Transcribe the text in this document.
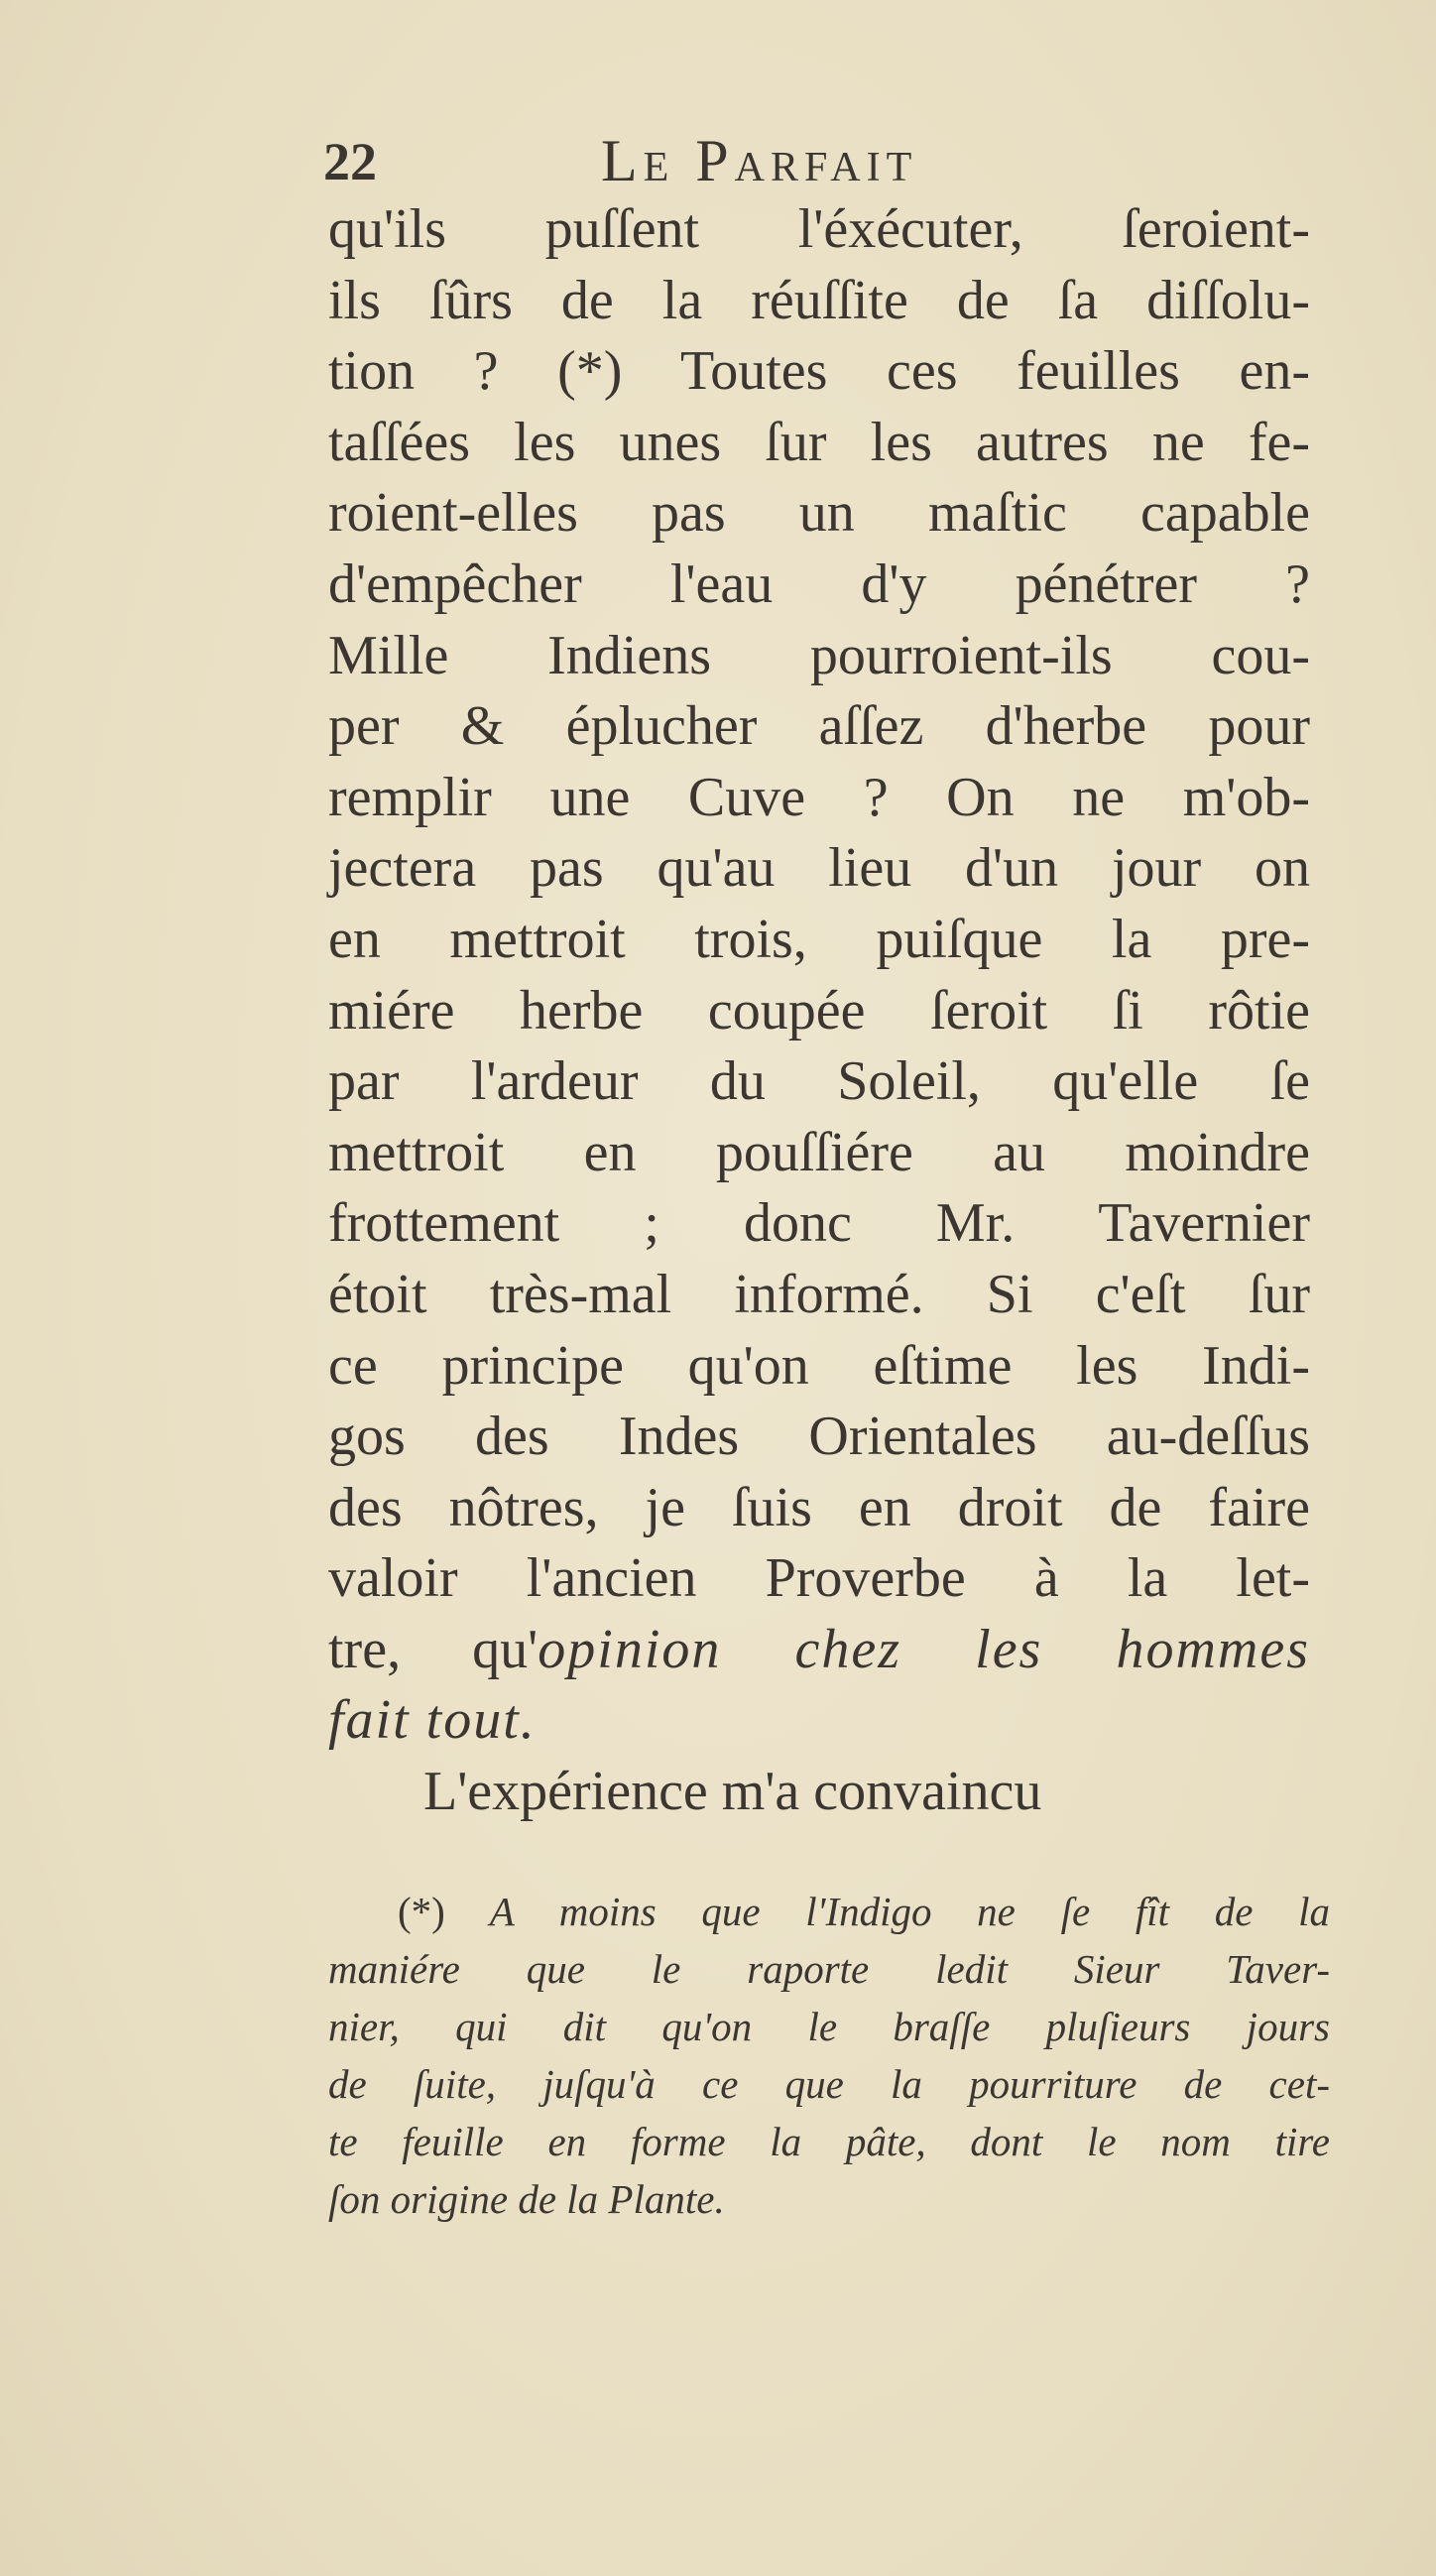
22	Le Parfait
qu'ils puſſent l'éxécuter, ſeroient-
ils ſûrs de la réuſſite de ſa diſſolu-
tion ? (*) Toutes ces feuilles en-
taſſées les unes ſur les autres ne fe-
roient-elles pas un maſtic capable
d'empêcher l'eau d'y pénétrer ?
Mille Indiens pourroient-ils cou-
per & éplucher aſſez d'herbe pour
remplir une Cuve ? On ne m'ob-
jectera pas qu'au lieu d'un jour on
en mettroit trois, puiſque la pre-
miére herbe coupée ſeroit ſi rôtie
par l'ardeur du Soleil, qu'elle ſe
mettroit en pouſſiére au moindre
frottement ; donc Mr. Tavernier
étoit très-mal informé. Si c'eſt ſur
ce principe qu'on eſtime les Indi-
gos des Indes Orientales au-deſſus
des nôtres, je ſuis en droit de faire
valoir l'ancien Proverbe à la let-
tre, qu'opinion chez les hommes
fait tout.
L'expérience m'a convaincu
(*) A moins que l'Indigo ne ſe fît de la
maniére que le raporte ledit Sieur Taver-
nier, qui dit qu'on le braſſe pluſieurs jours
de ſuite, juſqu'à ce que la pourriture de cet-
te feuille en forme la pâte, dont le nom tire
ſon origine de la Plante.
